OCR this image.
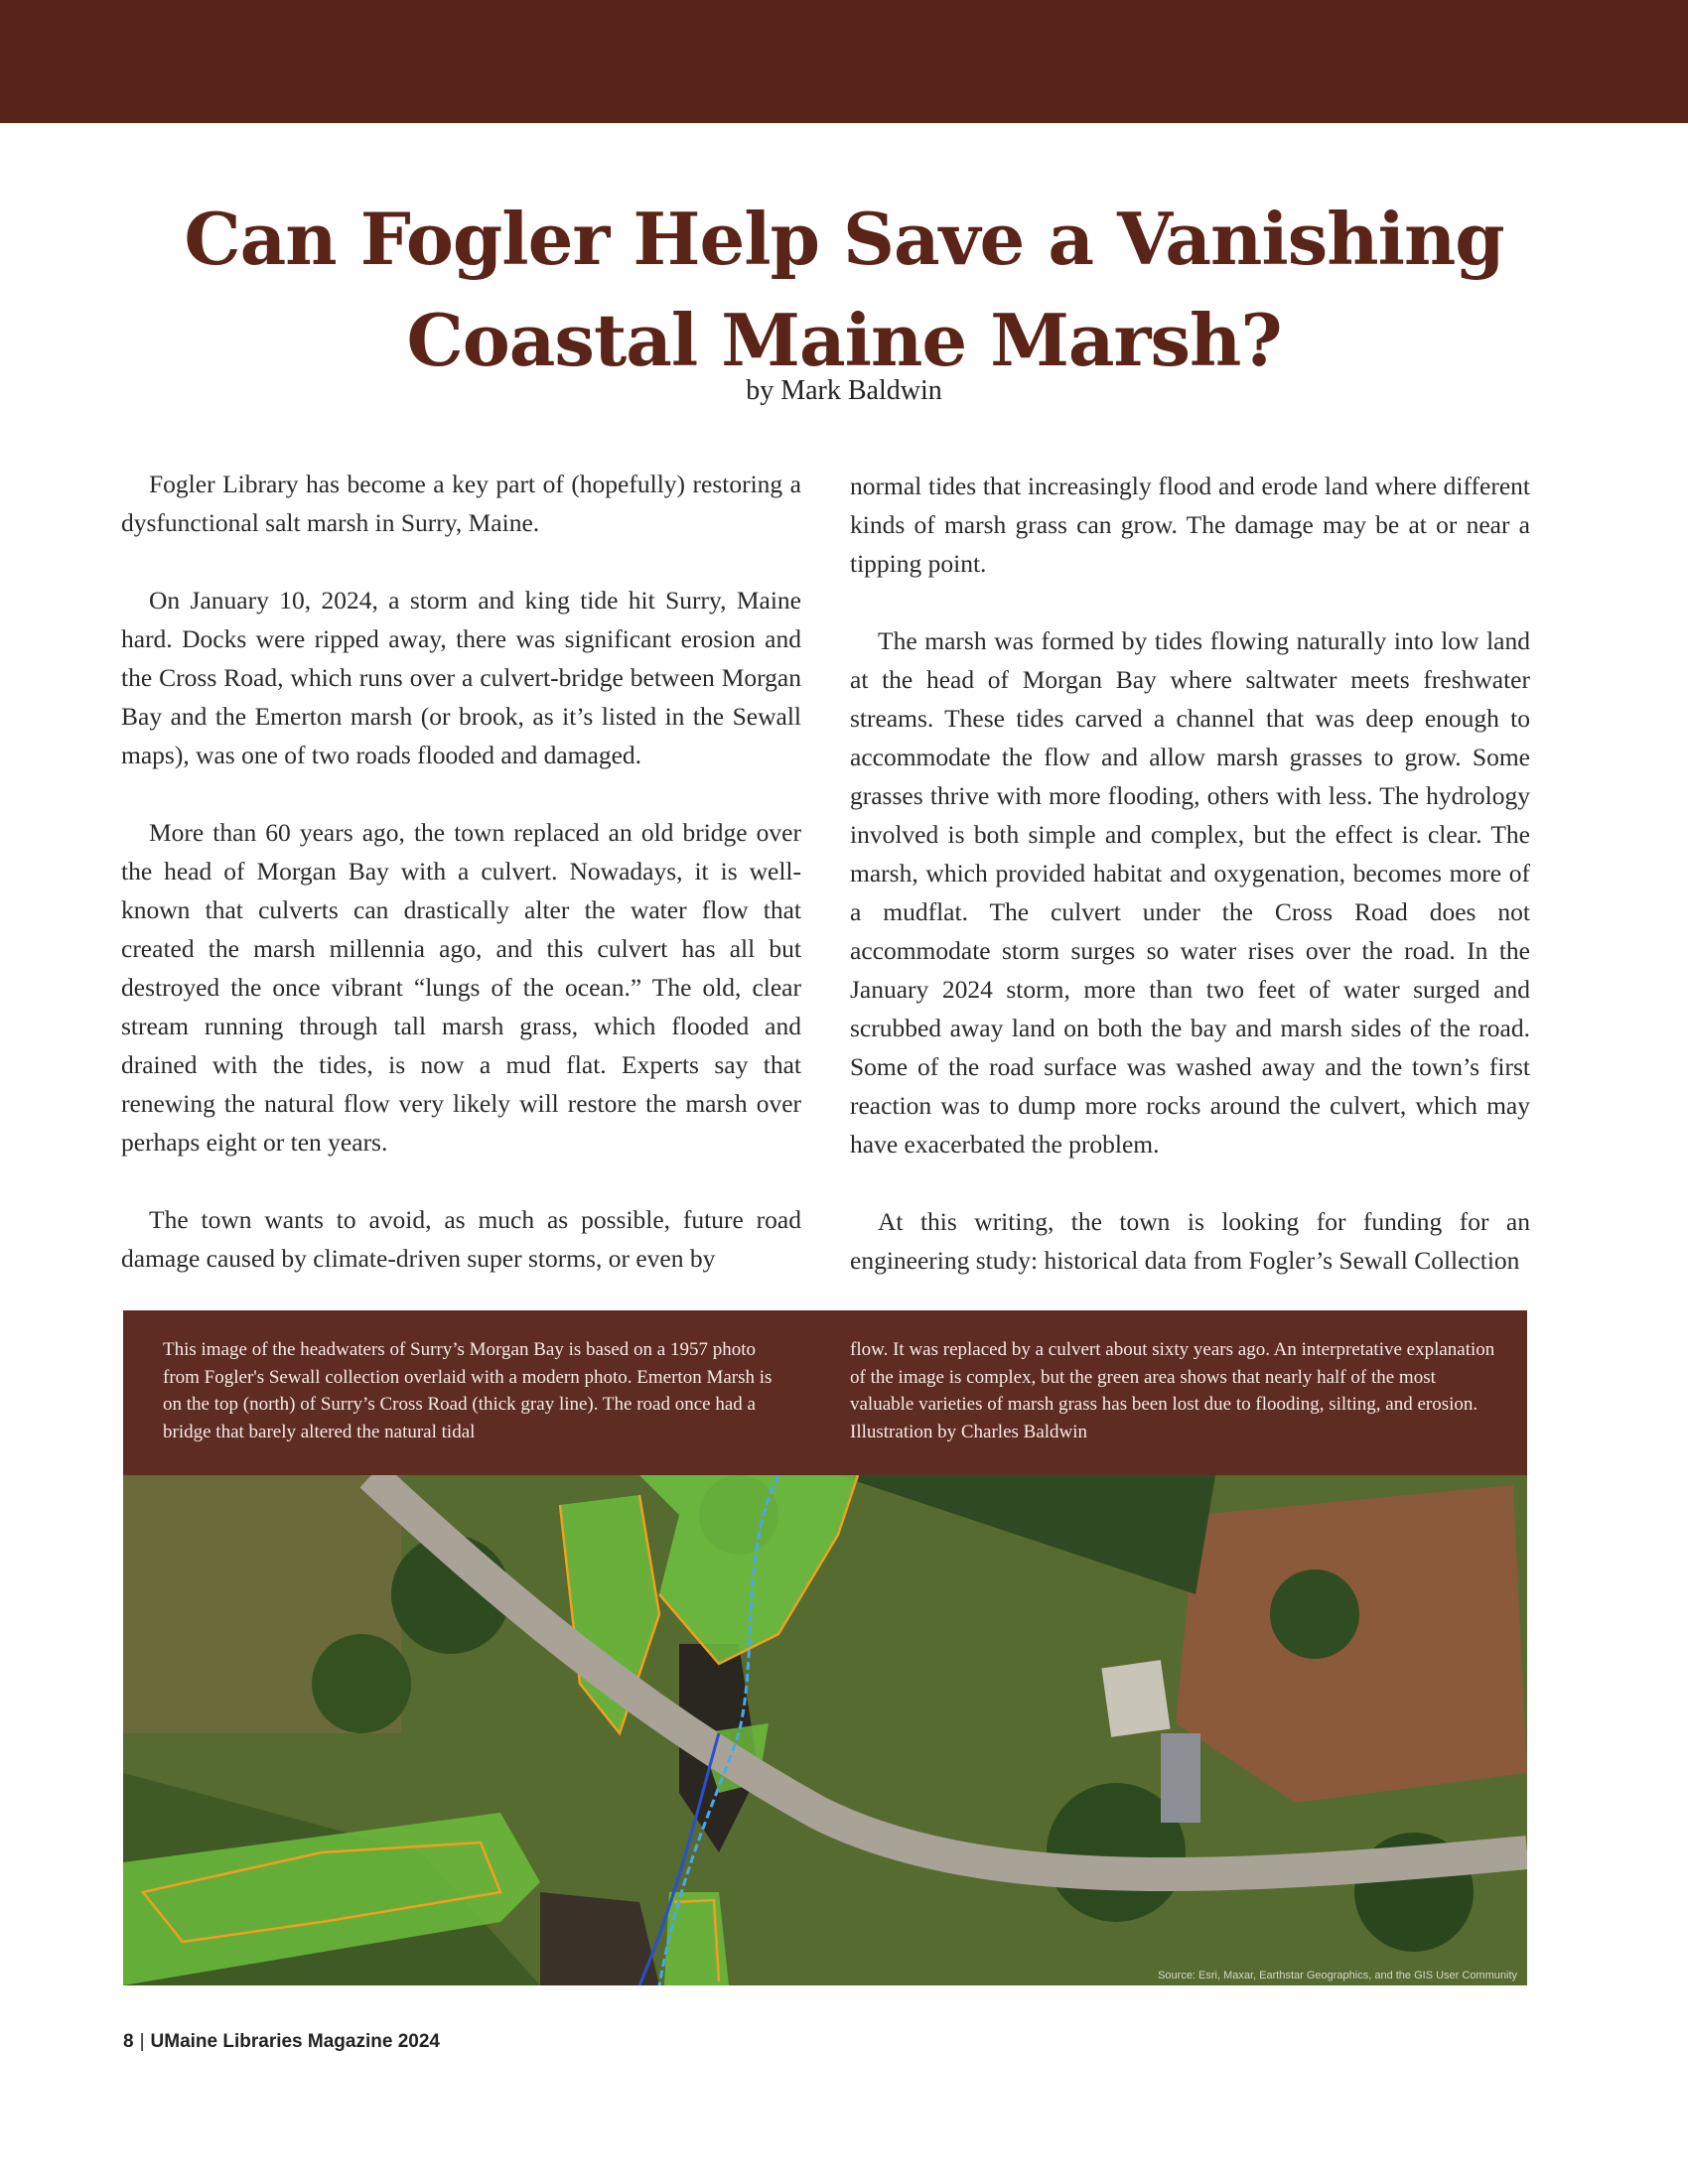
Can Fogler Help Save a Vanishing
Coastal Maine Marsh?
by Mark Baldwin

Fogler Library has become a key part of (hopefully) restoring a dysfunctional salt marsh in Surry, Maine.

On January 10, 2024, a storm and king tide hit Surry, Maine hard. Docks were ripped away, there was significant erosion and the Cross Road, which runs over a culvert-bridge between Morgan Bay and the Emerton marsh (or brook, as it’s listed in the Sewall maps), was one of two roads flooded and damaged.

More than 60 years ago, the town replaced an old bridge over the head of Morgan Bay with a culvert. Nowadays, it is well-known that culverts can drastically alter the water flow that created the marsh millennia ago, and this culvert has all but destroyed the once vibrant “lungs of the ocean.” The old, clear stream running through tall marsh grass, which flooded and drained with the tides, is now a mud flat. Experts say that renewing the natural flow very likely will restore the marsh over perhaps eight or ten years.

The town wants to avoid, as much as possible, future road damage caused by climate-driven super storms, or even by

normal tides that increasingly flood and erode land where different kinds of marsh grass can grow. The damage may be at or near a tipping point.

The marsh was formed by tides flowing naturally into low land at the head of Morgan Bay where saltwater meets freshwater streams. These tides carved a channel that was deep enough to accommodate the flow and allow marsh grasses to grow. Some grasses thrive with more flooding, others with less. The hydrology involved is both simple and complex, but the effect is clear. The marsh, which provided habitat and oxygenation, becomes more of a mudflat. The culvert under the Cross Road does not accommodate storm surges so water rises over the road. In the January 2024 storm, more than two feet of water surged and scrubbed away land on both the bay and marsh sides of the road. Some of the road surface was washed away and the town’s first reaction was to dump more rocks around the culvert, which may have exacerbated the problem.

At this writing, the town is looking for funding for an engineering study: historical data from Fogler’s Sewall Collection

This image of the headwaters of Surry’s Morgan Bay is based on a 1957 photo from Fogler's Sewall collection overlaid with a modern photo. Emerton Marsh is on the top (north) of Surry’s Cross Road (thick gray line). The road once had a bridge that barely altered the natural tidal
flow. It was replaced by a culvert about sixty years ago. An interpretative explanation of the image is complex, but the green area shows that nearly half of the most valuable varieties of marsh grass has been lost due to flooding, silting, and erosion. Illustration by Charles Baldwin
Source: Esri, Maxar, Earthstar Geographics, and the GIS User Community
8 | UMaine Libraries Magazine 2024
